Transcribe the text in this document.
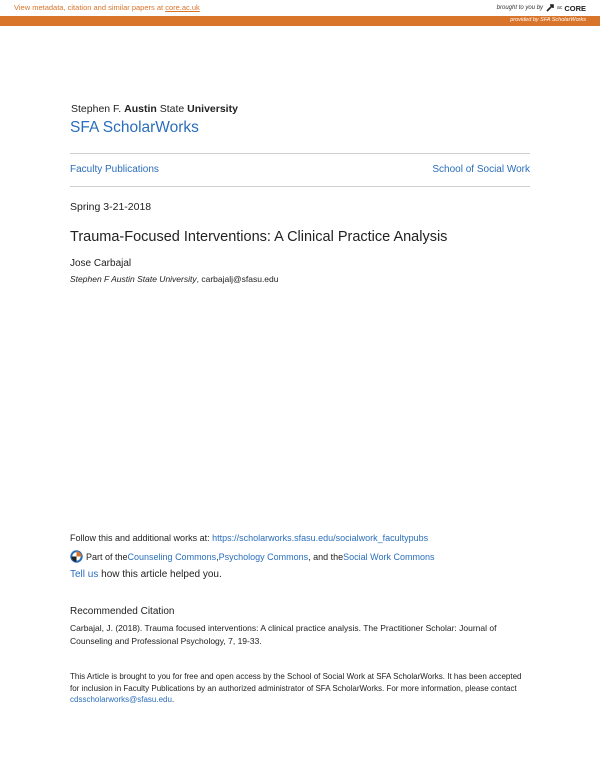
View metadata, citation and similar papers at core.ac.uk	brought to you by	ac CORE
provided by SFA ScholarWorks
Stephen F. Austin State University
SFA ScholarWorks
Faculty Publications	School of Social Work
Spring 3-21-2018
Trauma-Focused Interventions: A Clinical Practice Analysis
Jose Carbajal
Stephen F Austin State University, carbajalj@sfasu.edu
Follow this and additional works at: https://scholarworks.sfasu.edu/socialwork_facultypubs
Part of the Counseling Commons , Psychology Commons , and the Social Work Commons
Tell us how this article helped you.
Recommended Citation
Carbajal, J. (2018). Trauma focused interventions: A clinical practice analysis. The Practitioner Scholar: Journal of Counseling and Professional Psychology, 7, 19-33.
This Article is brought to you for free and open access by the School of Social Work at SFA ScholarWorks. It has been accepted for inclusion in Faculty Publications by an authorized administrator of SFA ScholarWorks. For more information, please contact cdsscholarworks@sfasu.edu.
